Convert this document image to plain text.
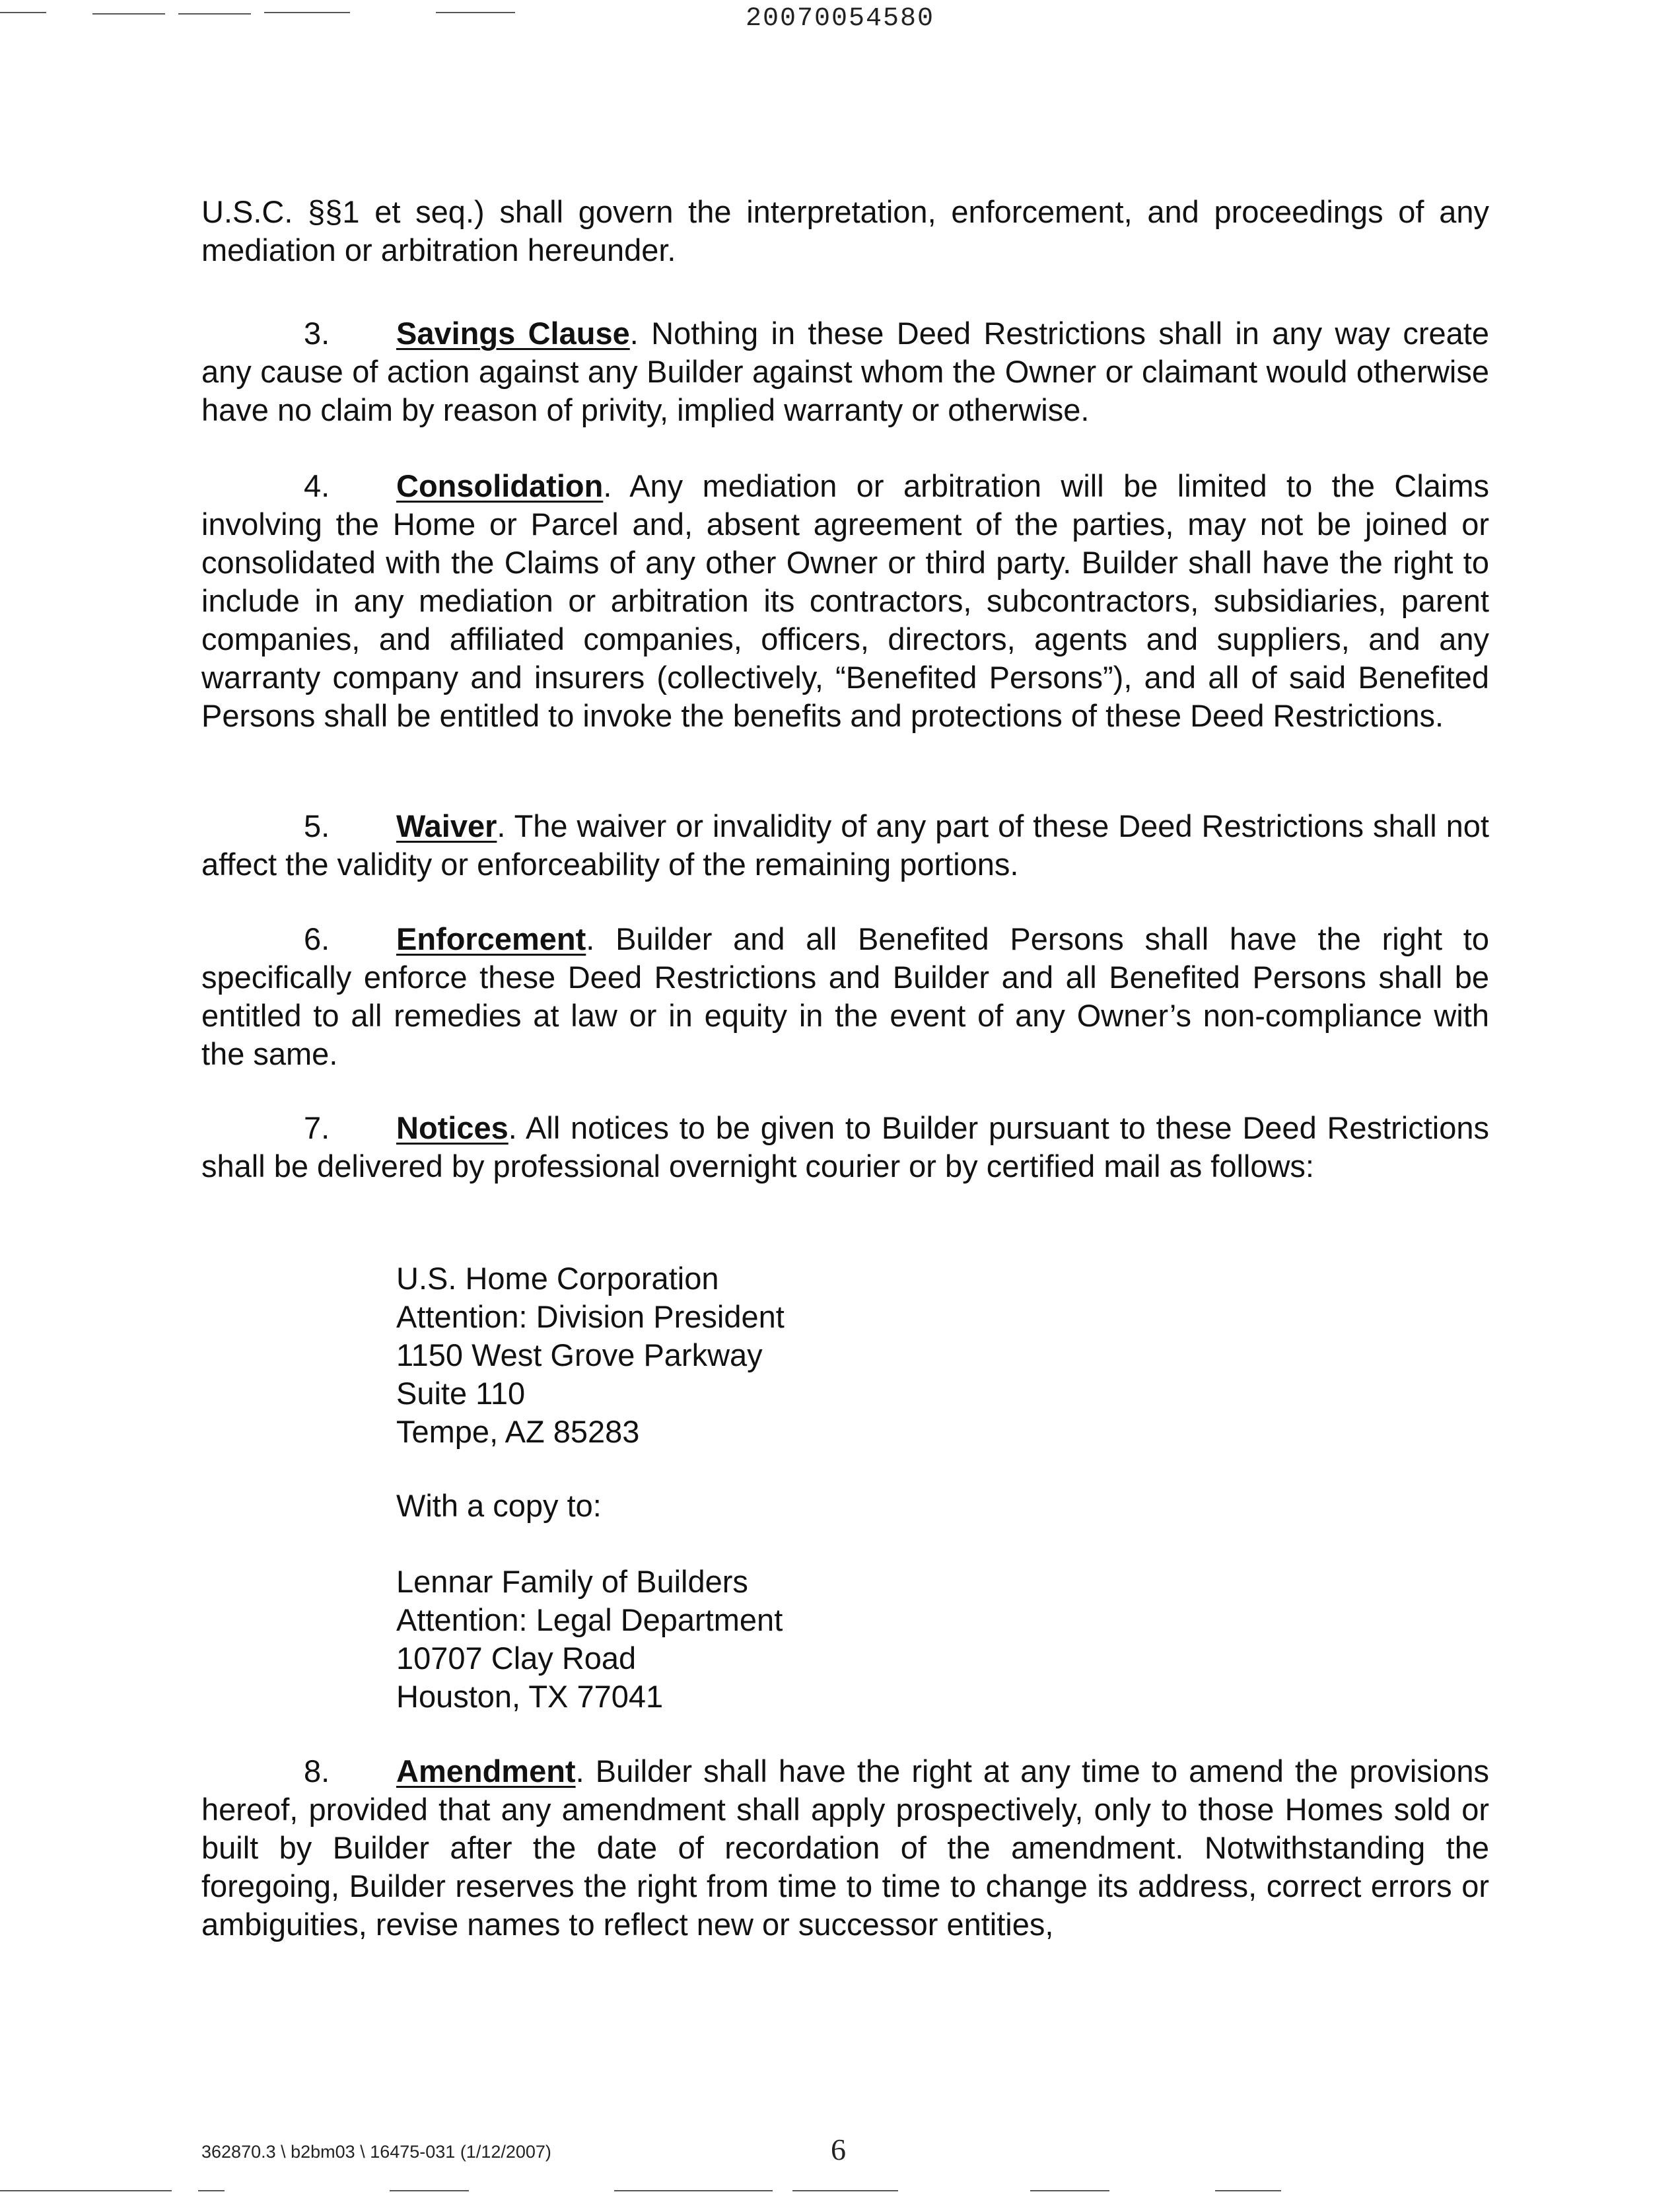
20070054580

U.S.C. §§1 et seq.) shall govern the interpretation, enforcement, and proceedings of any mediation or arbitration hereunder.

3. Savings Clause. Nothing in these Deed Restrictions shall in any way create any cause of action against any Builder against whom the Owner or claimant would otherwise have no claim by reason of privity, implied warranty or otherwise.

4. Consolidation. Any mediation or arbitration will be limited to the Claims involving the Home or Parcel and, absent agreement of the parties, may not be joined or consolidated with the Claims of any other Owner or third party. Builder shall have the right to include in any mediation or arbitration its contractors, subcontractors, subsidiaries, parent companies, and affiliated companies, officers, directors, agents and suppliers, and any warranty company and insurers (collectively, “Benefited Persons”), and all of said Benefited Persons shall be entitled to invoke the benefits and protections of these Deed Restrictions.

5. Waiver. The waiver or invalidity of any part of these Deed Restrictions shall not affect the validity or enforceability of the remaining portions.

6. Enforcement. Builder and all Benefited Persons shall have the right to specifically enforce these Deed Restrictions and Builder and all Benefited Persons shall be entitled to all remedies at law or in equity in the event of any Owner’s non-compliance with the same.

7. Notices. All notices to be given to Builder pursuant to these Deed Restrictions shall be delivered by professional overnight courier or by certified mail as follows:

U.S. Home Corporation
Attention: Division President
1150 West Grove Parkway
Suite 110
Tempe, AZ 85283
With a copy to:
Lennar Family of Builders
Attention: Legal Department
10707 Clay Road
Houston, TX 77041

8. Amendment. Builder shall have the right at any time to amend the provisions hereof, provided that any amendment shall apply prospectively, only to those Homes sold or built by Builder after the date of recordation of the amendment. Notwithstanding the foregoing, Builder reserves the right from time to time to change its address, correct errors or ambiguities, revise names to reflect new or successor entities,

362870.3 \ b2bm03 \ 16475-031 (1/12/2007)	6
